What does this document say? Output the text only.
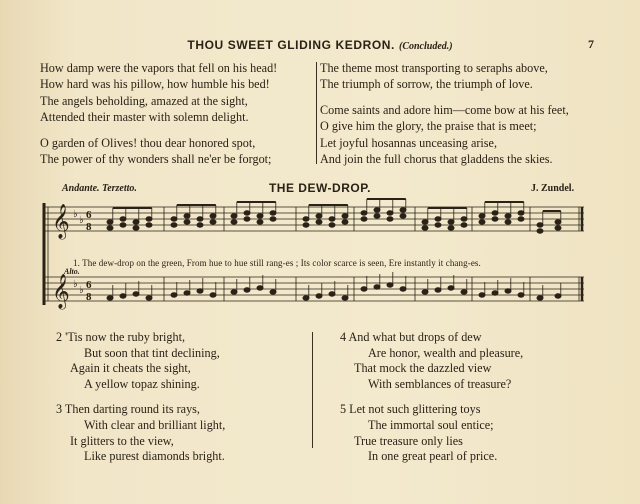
THOU SWEET GLIDING KEDRON. (Concluded.)	7
How damp were the vapors that fell on his head!
How hard was his pillow, how humble his bed!
The angels beholding, amazed at the sight,
Attended their master with solemn delight.
O garden of Olives! thou dear honored spot,
The power of thy wonders shall ne'er be forgot;
The theme most transporting to seraphs above,
The triumph of sorrow, the triumph of love.
Come saints and adore him—come bow at his feet,
O give him the glory, the praise that is meet;
Let joyful hosannas unceasing arise,
And join the full chorus that gladdens the skies.
Andante. Terzetto.	THE DEW-DROP.	J. Zundel.
𝄞
𝄞
♭
♭
♭
♭
6
8
6
8
1. The dew-drop on the green, From hue to hue still rang-es ; Its color scarce is seen, Ere instantly it chang-es.
Alto.
2 'Tis now the ruby bright,
But soon that tint declining,
Again it cheats the sight,
A yellow topaz shining.
3 Then darting round its rays,
With clear and brilliant light,
It glitters to the view,
Like purest diamonds bright.
4 And what but drops of dew
Are honor, wealth and pleasure,
That mock the dazzled view
With semblances of treasure?
5 Let not such glittering toys
The immortal soul entice;
True treasure only lies
In one great pearl of price.
